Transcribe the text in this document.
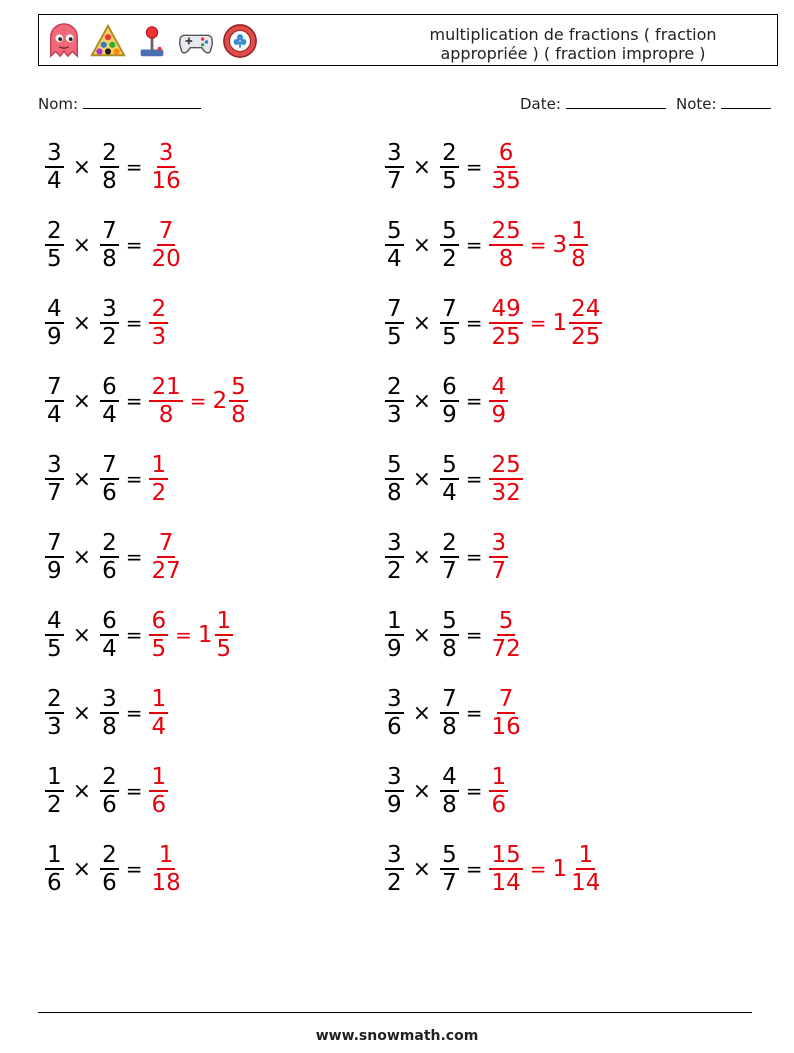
multiplication de fractions ( fraction appropriée ) ( fraction impropre )
Nom:	Date:	Note:
$\frac{3}{4} \times \frac{2}{8} = \frac{3}{16}$	$\frac{3}{7} \times \frac{2}{5} = \frac{6}{35}$
$\frac{2}{5} \times \frac{7}{8} = \frac{7}{20}$	$\frac{5}{4} \times \frac{5}{2} = \frac{25}{8} = 3 \frac{1}{8}$
$\frac{4}{9} \times \frac{3}{2} = \frac{2}{3}$	$\frac{7}{5} \times \frac{7}{5} = \frac{49}{25} = 1 \frac{24}{25}$
$\frac{7}{4} \times \frac{6}{4} = \frac{21}{8} = 2 \frac{5}{8}$	$\frac{2}{3} \times \frac{6}{9} = \frac{4}{9}$
$\frac{3}{7} \times \frac{7}{6} = \frac{1}{2}$	$\frac{5}{8} \times \frac{5}{4} = \frac{25}{32}$
$\frac{7}{9} \times \frac{2}{6} = \frac{7}{27}$	$\frac{3}{2} \times \frac{2}{7} = \frac{3}{7}$
$\frac{4}{5} \times \frac{6}{4} = \frac{6}{5} = 1 \frac{1}{5}$	$\frac{1}{9} \times \frac{5}{8} = \frac{5}{72}$
$\frac{2}{3} \times \frac{3}{8} = \frac{1}{4}$	$\frac{3}{6} \times \frac{7}{8} = \frac{7}{16}$
$\frac{1}{2} \times \frac{2}{6} = \frac{1}{6}$	$\frac{3}{9} \times \frac{4}{8} = \frac{1}{6}$
$\frac{1}{6} \times \frac{2}{6} = \frac{1}{18}$	$\frac{3}{2} \times \frac{5}{7} = \frac{15}{14} = 1 \frac{1}{14}$
www.snowmath.com
